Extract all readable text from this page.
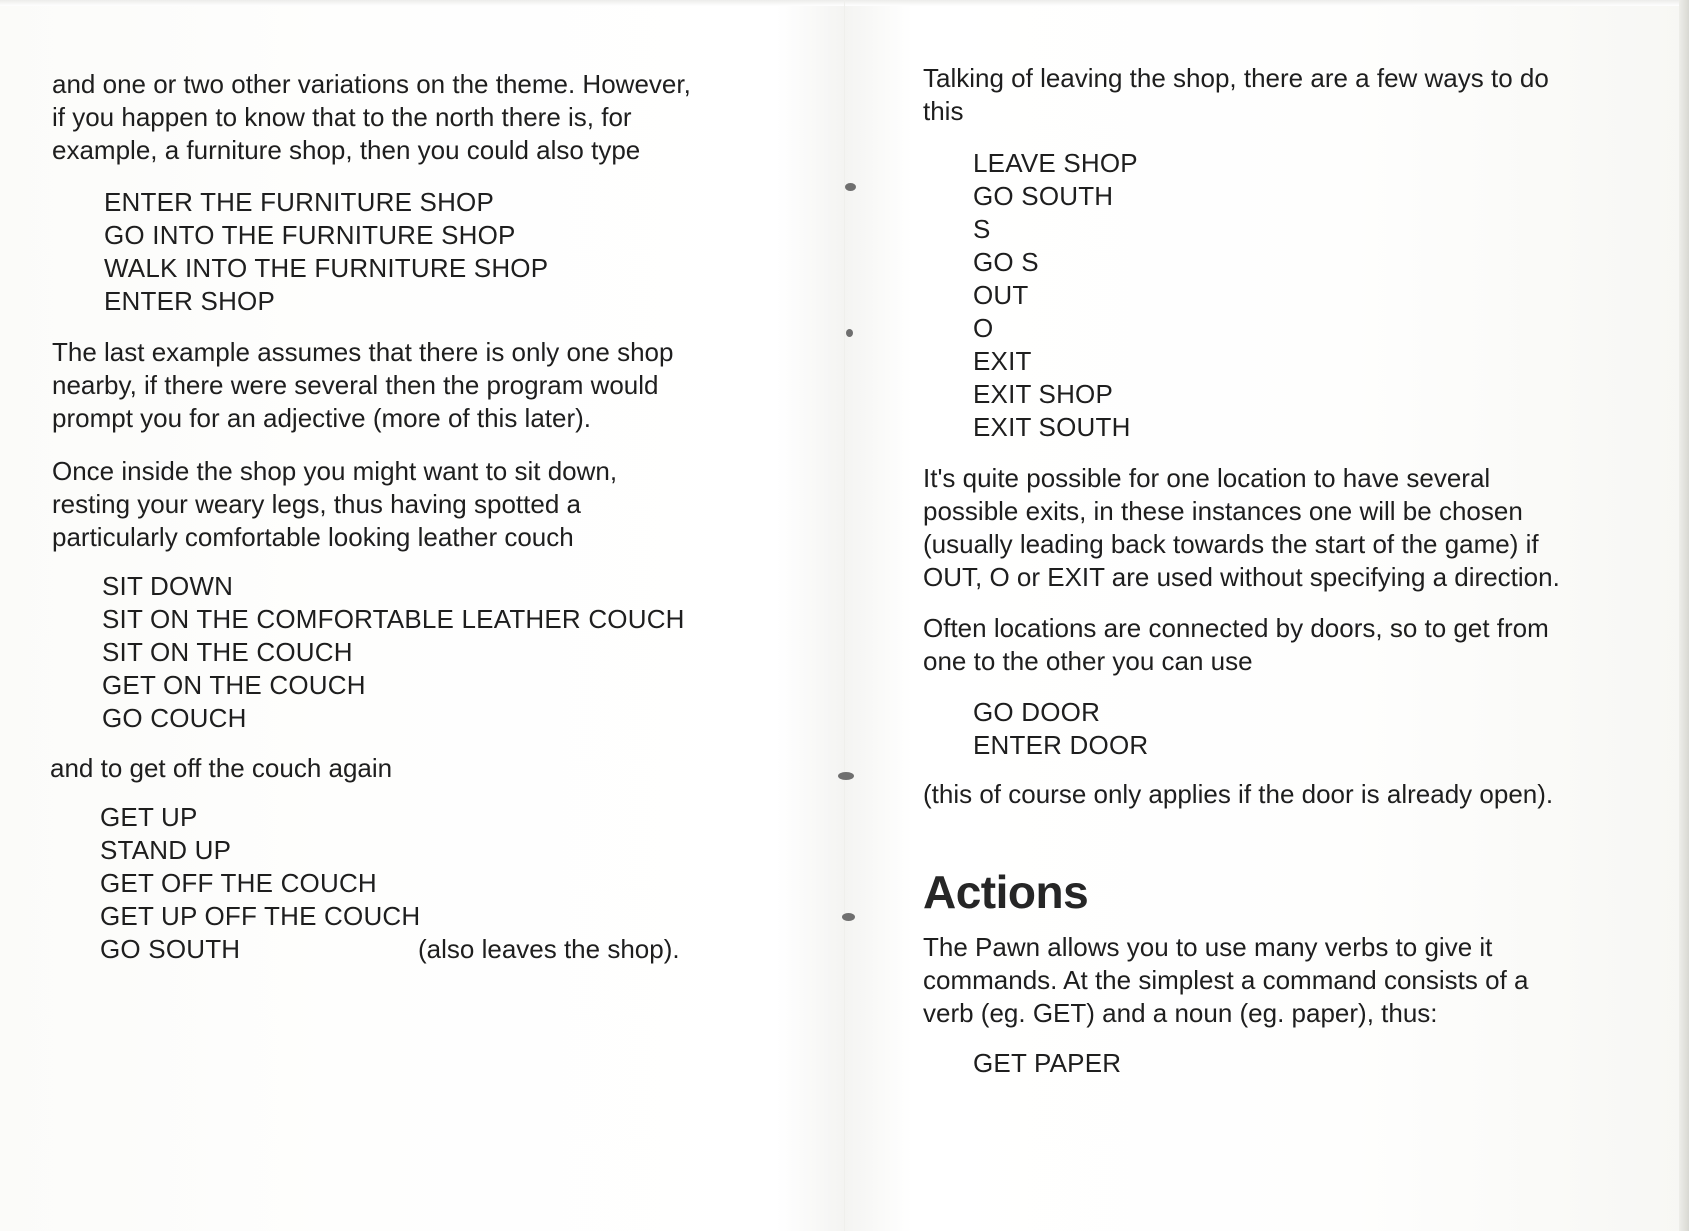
and one or two other variations on the theme. However,
if you happen to know that to the north there is, for
example, a furniture shop, then you could also type
ENTER THE FURNITURE SHOP
GO INTO THE FURNITURE SHOP
WALK INTO THE FURNITURE SHOP
ENTER SHOP
The last example assumes that there is only one shop
nearby, if there were several then the program would
prompt you for an adjective (more of this later).
Once inside the shop you might want to sit down,
resting your weary legs, thus having spotted a
particularly comfortable looking leather couch
SIT DOWN
SIT ON THE COMFORTABLE LEATHER COUCH
SIT ON THE COUCH
GET ON THE COUCH
GO COUCH
and to get off the couch again
GET UP
STAND UP
GET OFF THE COUCH
GET UP OFF THE COUCH
GO SOUTH	(also leaves the shop).
Talking of leaving the shop, there are a few ways to do
this
LEAVE SHOP
GO SOUTH
S
GO S
OUT
O
EXIT
EXIT SHOP
EXIT SOUTH
It's quite possible for one location to have several
possible exits, in these instances one will be chosen
(usually leading back towards the start of the game) if
OUT, O or EXIT are used without specifying a direction.
Often locations are connected by doors, so to get from
one to the other you can use
GO DOOR
ENTER DOOR
(this of course only applies if the door is already open).
Actions
The Pawn allows you to use many verbs to give it
commands. At the simplest a command consists of a
verb (eg. GET) and a noun (eg. paper), thus:
GET PAPER
